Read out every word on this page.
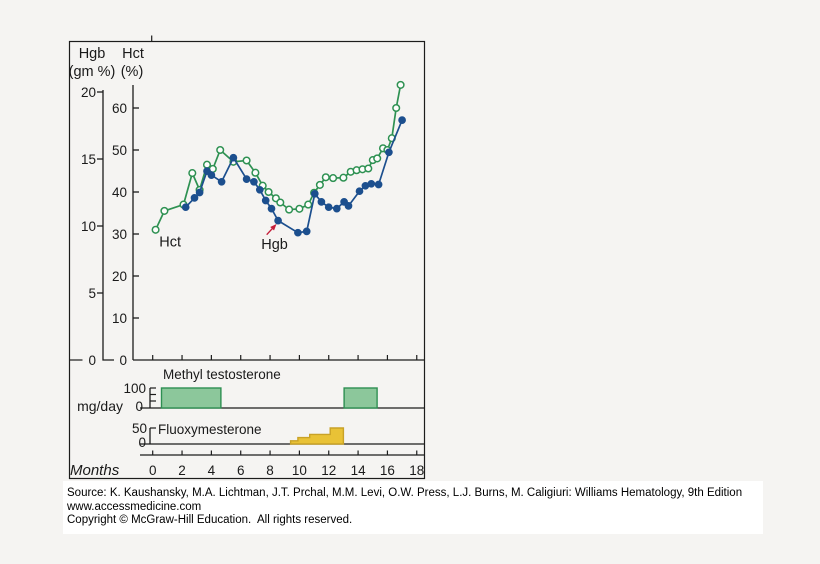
0
5
10
15
20
0
10
20
30
40
50
60
Hgb
(gm %)
Hct
(%)
Hct	Hgb
Methyl testosterone
100
0
mg/day
Fluoxymesterone
50
0
0 2 4 6 8 10 12 14 16 18
Months
Source: K. Kaushansky, M.A. Lichtman, J.T. Prchal, M.M. Levi, O.W. Press, L.J. Burns, M. Caligiuri: Williams Hematology, 9th Edition
www.accessmedicine.com
Copyright © McGraw-Hill Education.  All rights reserved.
